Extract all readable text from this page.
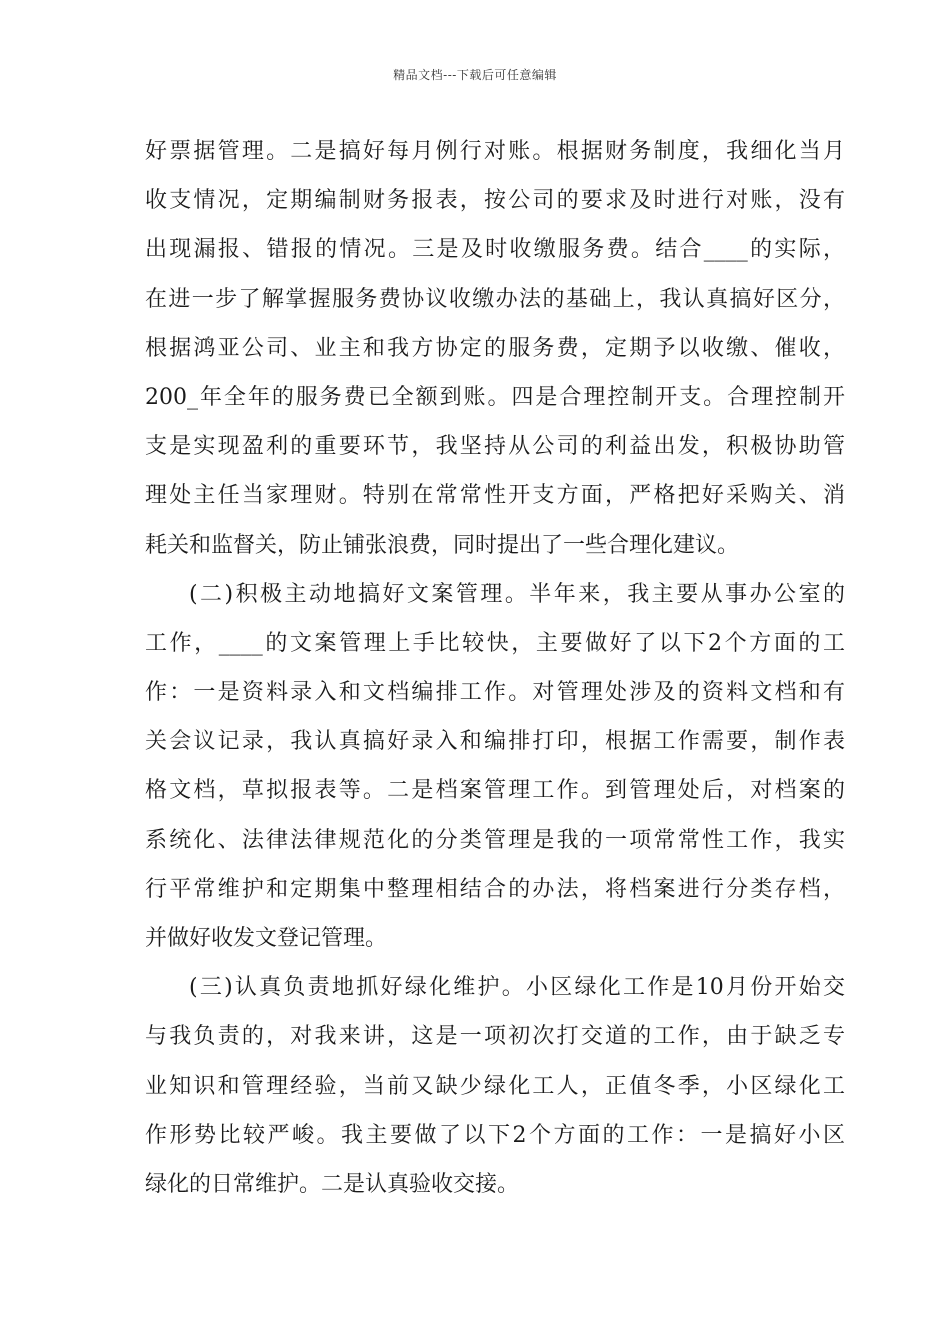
精品文档---下载后可任意编辑
好票据管理。二是搞好每月例行对账。根据财务制度，我细化当月
收支情况，定期编制财务报表，按公司的要求及时进行对账，没有
出现漏报、错报的情况。三是及时收缴服务费。结合____的实际，
在进一步了解掌握服务费协议收缴办法的基础上，我认真搞好区分，
根据鸿亚公司、业主和我方协定的服务费，定期予以收缴、催收，
200_年全年的服务费已全额到账。四是合理控制开支。合理控制开
支是实现盈利的重要环节，我坚持从公司的利益出发，积极协助管
理处主任当家理财。特别在常常性开支方面，严格把好采购关、消
耗关和监督关，防止铺张浪费，同时提出了一些合理化建议。
(二)积极主动地搞好文案管理。半年来，我主要从事办公室的
工作，____的文案管理上手比较快，主要做好了以下2个方面的工
作：一是资料录入和文档编排工作。对管理处涉及的资料文档和有
关会议记录，我认真搞好录入和编排打印，根据工作需要，制作表
格文档，草拟报表等。二是档案管理工作。到管理处后，对档案的
系统化、法律法律规范化的分类管理是我的一项常常性工作，我实
行平常维护和定期集中整理相结合的办法，将档案进行分类存档，
并做好收发文登记管理。
(三)认真负责地抓好绿化维护。小区绿化工作是10月份开始交
与我负责的，对我来讲，这是一项初次打交道的工作，由于缺乏专
业知识和管理经验，当前又缺少绿化工人，正值冬季，小区绿化工
作形势比较严峻。我主要做了以下2个方面的工作：一是搞好小区
绿化的日常维护。二是认真验收交接。
